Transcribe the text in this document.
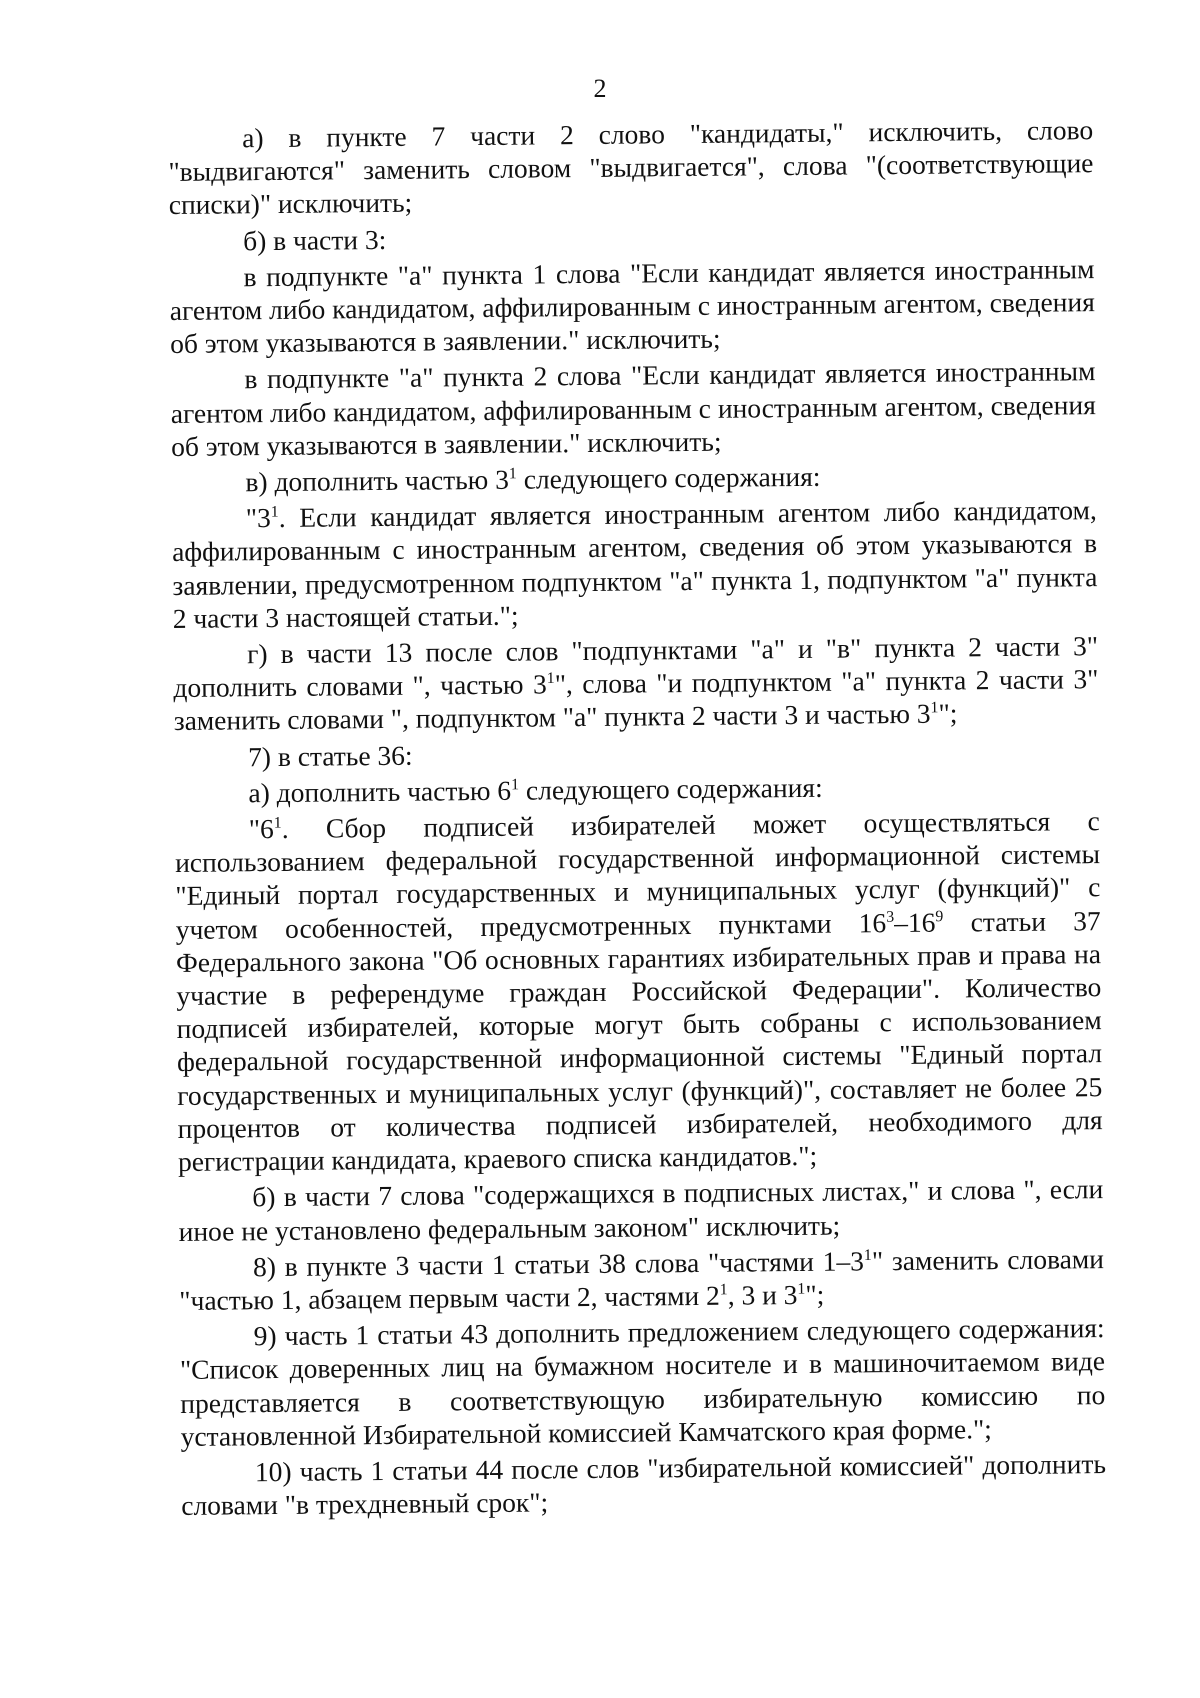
2

а) в пункте 7 части 2 слово "кандидаты," исключить, слово "выдвигаются" заменить словом "выдвигается", слова "(соответствующие списки)" исключить;

б) в части 3:

в подпункте "а" пункта 1 слова "Если кандидат является иностранным агентом либо кандидатом, аффилированным с иностранным агентом, сведения об этом указываются в заявлении." исключить;

в подпункте "а" пункта 2 слова "Если кандидат является иностранным агентом либо кандидатом, аффилированным с иностранным агентом, сведения об этом указываются в заявлении." исключить;

в) дополнить частью $3^1$ следующего содержания:

"$3^1$. Если кандидат является иностранным агентом либо кандидатом, аффилированным с иностранным агентом, сведения об этом указываются в заявлении, предусмотренном подпунктом "а" пункта 1, подпунктом "а" пункта 2 части 3 настоящей статьи.";

г) в части 13 после слов "подпунктами "а" и "в" пункта 2 части 3" дополнить словами ", частью $3^1$", слова "и подпунктом "а" пункта 2 части 3" заменить словами ", подпунктом "а" пункта 2 части 3 и частью $3^1$";

7) в статье 36:

а) дополнить частью $6^1$ следующего содержания:

"$6^1$. Сбор подписей избирателей может осуществляться с использованием федеральной государственной информационной системы "Единый портал государственных и муниципальных услуг (функций)" с учетом особенностей, предусмотренных пунктами $16^3-16^9$ статьи 37 Федерального закона "Об основных гарантиях избирательных прав и права на участие в референдуме граждан Российской Федерации". Количество подписей избирателей, которые могут быть собраны с использованием федеральной государственной информационной системы "Единый портал государственных и муниципальных услуг (функций)", составляет не более 25 процентов от количества подписей избирателей, необходимого для регистрации кандидата, краевого списка кандидатов.";

б) в части 7 слова "содержащихся в подписных листах," и слова ", если иное не установлено федеральным законом" исключить;

8) в пункте 3 части 1 статьи 38 слова "частями $1-3^1$" заменить словами "частью 1, абзацем первым части 2, частями $2^1$, 3 и $3^1$";

9) часть 1 статьи 43 дополнить предложением следующего содержания: "Список доверенных лиц на бумажном носителе и в машиночитаемом виде представляется в соответствующую избирательную комиссию по установленной Избирательной комиссией Камчатского края форме.";

10) часть 1 статьи 44 после слов "избирательной комиссией" дополнить словами "в трехдневный срок";
